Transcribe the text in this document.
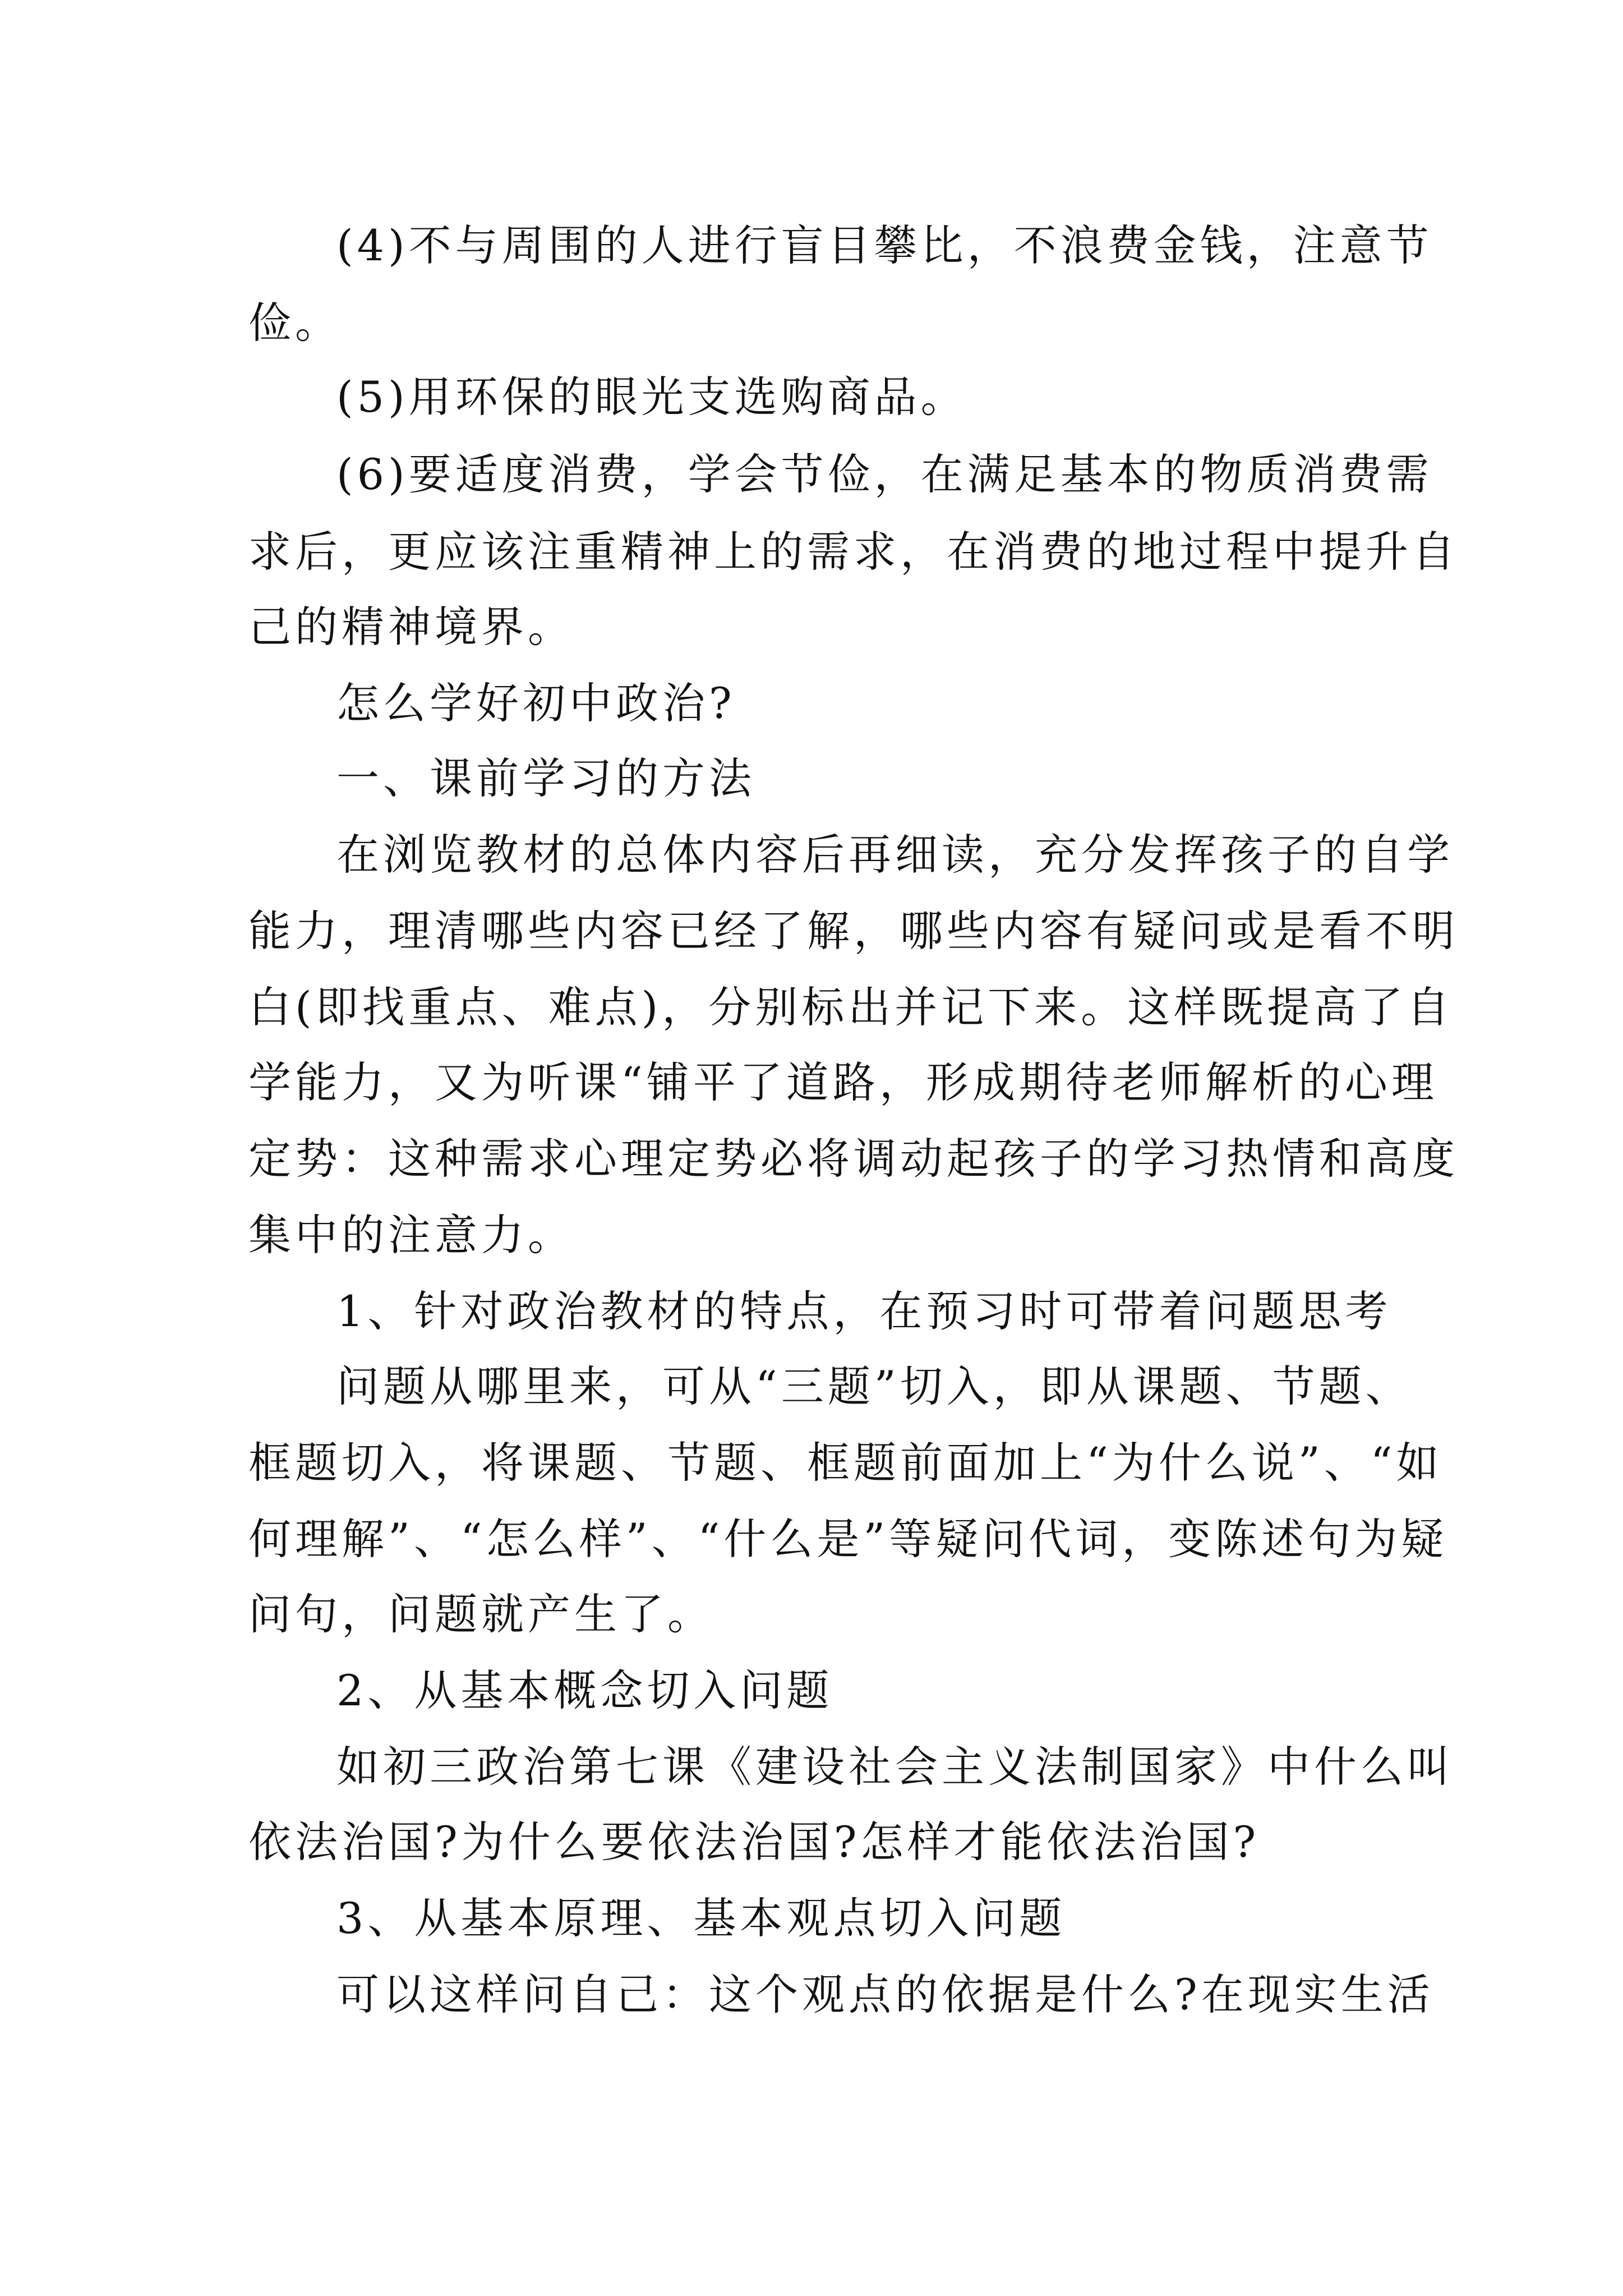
(4)不与周围的人进行盲目攀比，不浪费金钱，注意节
俭。
(5)用环保的眼光支选购商品。
(6)要适度消费，学会节俭，在满足基本的物质消费需
求后，更应该注重精神上的需求，在消费的地过程中提升自
己的精神境界。
怎么学好初中政治?
一、课前学习的方法
在浏览教材的总体内容后再细读，充分发挥孩子的自学
能力，理清哪些内容已经了解，哪些内容有疑问或是看不明
白(即找重点、难点)，分别标出并记下来。这样既提高了自
学能力，又为听课“铺平了道路，形成期待老师解析的心理
定势：这种需求心理定势必将调动起孩子的学习热情和高度
集中的注意力。
1、针对政治教材的特点，在预习时可带着问题思考
问题从哪里来，可从“三题”切入，即从课题、节题、
框题切入，将课题、节题、框题前面加上“为什么说”、“如
何理解”、“怎么样”、“什么是”等疑问代词，变陈述句为疑
问句，问题就产生了。
2、从基本概念切入问题
如初三政治第七课《建设社会主义法制国家》中什么叫
依法治国?为什么要依法治国?怎样才能依法治国?
3、从基本原理、基本观点切入问题
可以这样问自己：这个观点的依据是什么?在现实生活
